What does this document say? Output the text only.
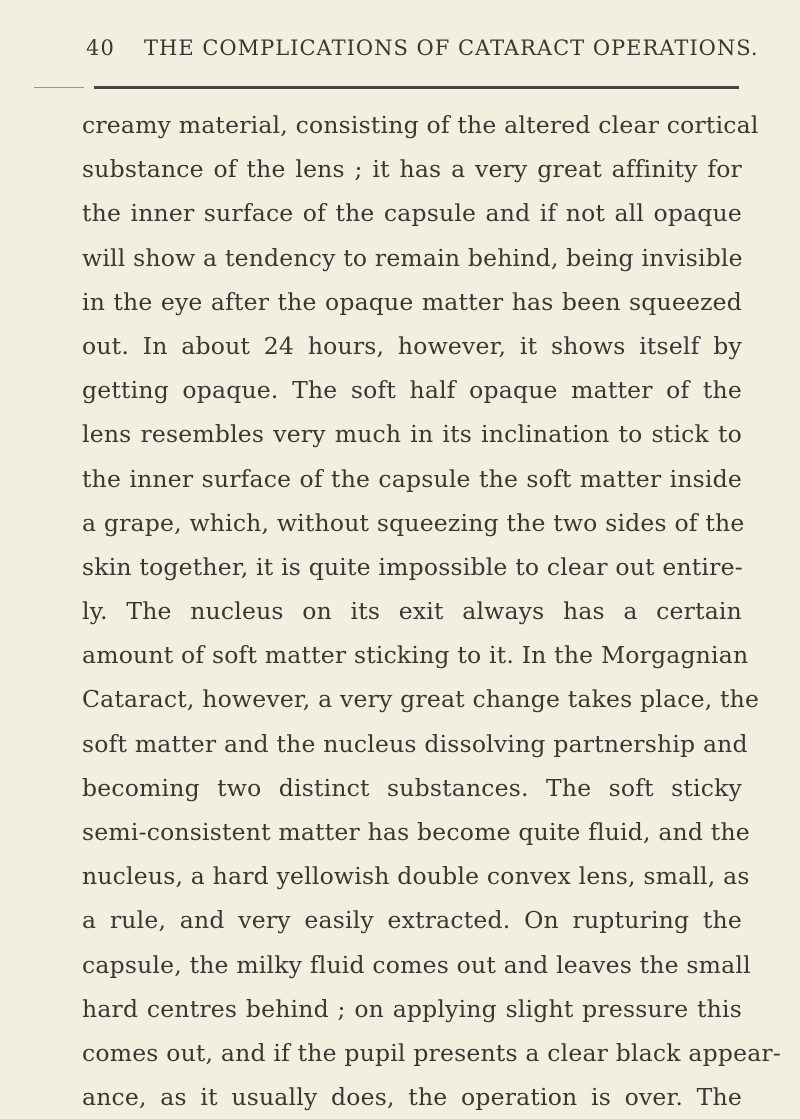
40 THE COMPLICATIONS OF CATARACT OPERATIONS.
creamy material, consisting of the altered clear cortical
substance of the lens ; it has a very great affinity for
the inner surface of the capsule and if not all opaque
will show a tendency to remain behind, being invisible
in the eye after the opaque matter has been squeezed
out. In about 24 hours, however, it shows itself by
getting opaque. The soft half opaque matter of the
lens resembles very much in its inclination to stick to
the inner surface of the capsule the soft matter inside
a grape, which, without squeezing the two sides of the
skin together, it is quite impossible to clear out entire-
ly. The nucleus on its exit always has a certain
amount of soft matter sticking to it. In the Morgagnian
Cataract, however, a very great change takes place, the
soft matter and the nucleus dissolving partnership and
becoming two distinct substances. The soft sticky
semi-consistent matter has become quite fluid, and the
nucleus, a hard yellowish double convex lens, small, as
a rule, and very easily extracted. On rupturing the
capsule, the milky fluid comes out and leaves the small
hard centres behind ; on applying slight pressure this
comes out, and if the pupil presents a clear black appear-
ance, as it usually does, the operation is over. The
